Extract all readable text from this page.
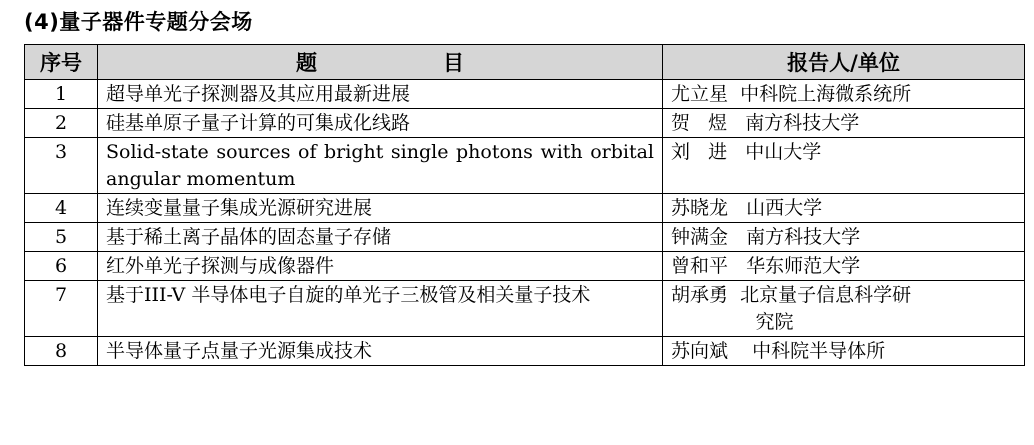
(4)量子器件专题分会场
序号	题　　　　　　目	报告人/单位
1	超导单光子探测器及其应用最新进展	尤立星  中科院上海微系统所
2	硅基单原子量子计算的可集成化线路	贺   煜   南方科技大学
3	Solid-state sources of bright single photons with orbital angular momentum	刘   进   中山大学
4	连续变量量子集成光源研究进展	苏晓龙   山西大学
5	基于稀土离子晶体的固态量子存储	钟满金   南方科技大学
6	红外单光子探测与成像器件	曾和平   华东师范大学
7	基于III-V 半导体电子自旋的单光子三极管及相关量子技术	胡承勇  北京量子信息科学研
究院
8	半导体量子点量子光源集成技术	苏向斌    中科院半导体所
